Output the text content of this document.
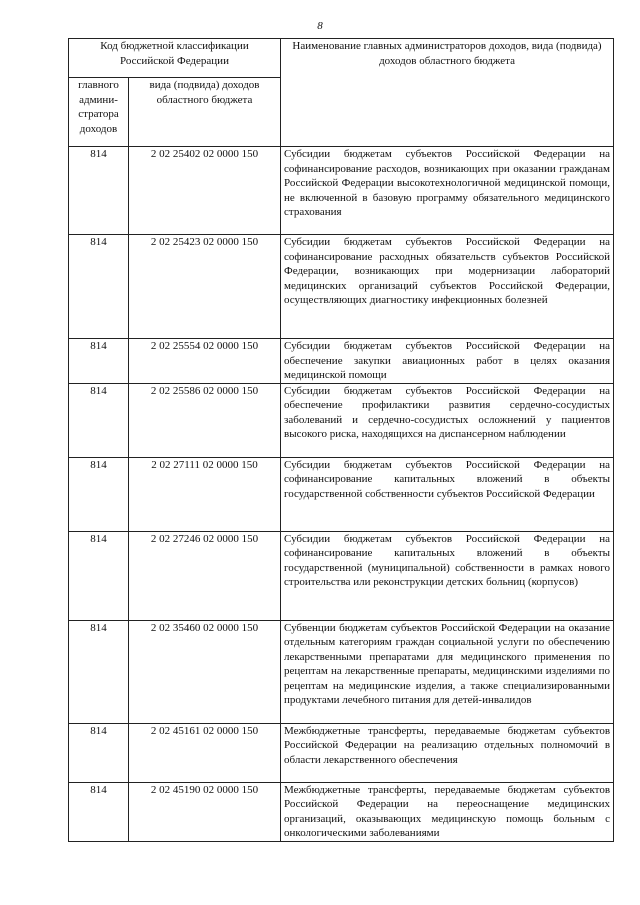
8
Код бюджетной классификации Российской Федерации		Наименование главных администраторов доходов, вида (подвида) доходов областного бюджета
главного админи-стратора доходов	вида (подвида) доходов областного бюджета	
814	2 02 25402 02 0000 150	Субсидии бюджетам субъектов Российской Федерации на софинансирование расходов, возникающих при оказании гражданам Российской Федерации высокотехнологичной медицинской помощи, не включенной в базовую программу обязательного медицинского страхования
814	2 02 25423 02 0000 150	Субсидии бюджетам субъектов Российской Федерации на софинансирование расходных обязательств субъектов Российской Федерации, возникающих при модернизации лабораторий медицинских организаций субъектов Российской Федерации, осуществляющих диагностику инфекционных болезней
814	2 02 25554 02 0000 150	Субсидии бюджетам субъектов Российской Федерации на обеспечение закупки авиационных работ в целях оказания медицинской помощи
814	2 02 25586 02 0000 150	Субсидии бюджетам субъектов Российской Федерации на обеспечение профилактики развития сердечно-сосудистых заболеваний и сердечно-сосудистых осложнений у пациентов высокого риска, находящихся на диспансерном наблюдении
814	2 02 27111 02 0000 150	Субсидии бюджетам субъектов Российской Федерации на софинансирование капитальных вложений в объекты государственной собственности субъектов Российской Федерации
814	2 02 27246 02 0000 150	Субсидии бюджетам субъектов Российской Федерации на софинансирование капитальных вложений в объекты государственной (муниципальной) собственности в рамках нового строительства или реконструкции детских больниц (корпусов)
814	2 02 35460 02 0000 150	Субвенции бюджетам субъектов Российской Федерации на оказание отдельным категориям граждан социальной услуги по обеспечению лекарственными препаратами для медицинского применения по рецептам на лекарственные препараты, медицинскими изделиями по рецептам на медицинские изделия, а также специализированными продуктами лечебного питания для детей-инвалидов
814	2 02 45161 02 0000 150	Межбюджетные трансферты, передаваемые бюджетам субъектов Российской Федерации на реализацию отдельных полномочий в области лекарственного обеспечения
814	2 02 45190 02 0000 150	Межбюджетные трансферты, передаваемые бюджетам субъектов Российской Федерации на переоснащение медицинских организаций, оказывающих медицинскую помощь больным с онкологическими заболеваниями
